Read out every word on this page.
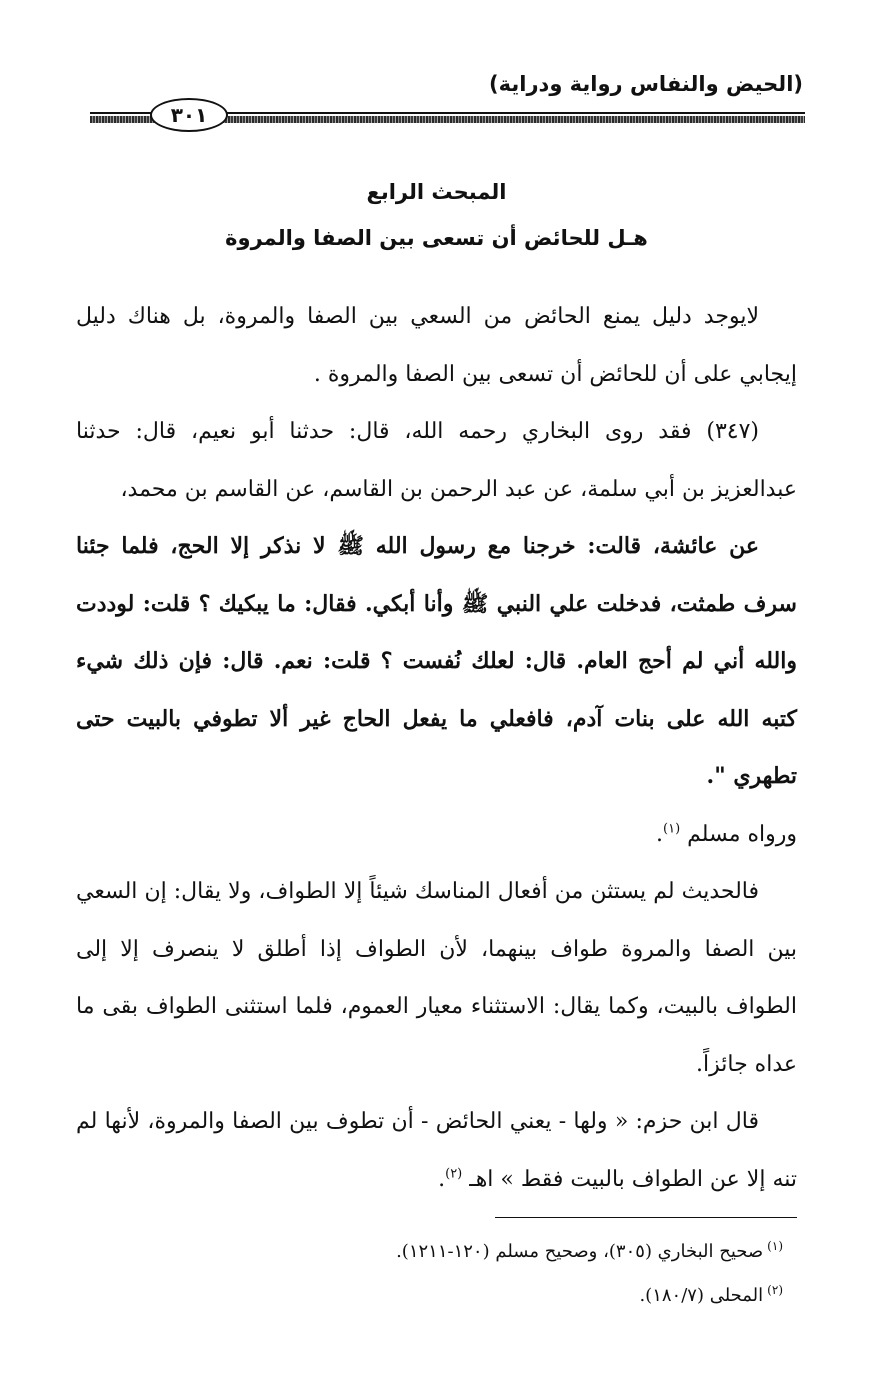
(الحيض والنفاس رواية ودراية)
٣٠١
المبحث الرابع
هـل للحائض أن تسعى بين الصفا والمروة

لايوجد دليل يمنع الحائض من السعي بين الصفا والمروة، بل هناك دليل إيجابي على أن للحائض أن تسعى بين الصفا والمروة .

(٣٤٧) فقد روى البخاري رحمه الله، قال: حدثنا أبو نعيم، قال: حدثنا عبدالعزيز بن أبي سلمة، عن عبد الرحمن بن القاسم، عن القاسم بن محمد،

عن عائشة، قالت: خرجنا مع رسول الله ﷺ لا نذكر إلا الحج، فلما جئنا سرف طمثت، فدخلت علي النبي ﷺ وأنا أبكي. فقال: ما يبكيك ؟ قلت: لوددت والله أني لم أحج العام. قال: لعلك نُفست ؟ قلت: نعم. قال: فإن ذلك شيء كتبه الله على بنات آدم، فافعلي ما يفعل الحاج غير ألا تطوفي بالبيت حتى تطهري ".

ورواه مسلم $^{(١)}$.

فالحديث لم يستثن من أفعال المناسك شيئاً إلا الطواف، ولا يقال: إن السعي بين الصفا والمروة طواف بينهما، لأن الطواف إذا أطلق لا ينصرف إلا إلى الطواف بالبيت، وكما يقال: الاستثناء معيار العموم، فلما استثنى الطواف بقى ما عداه جائزاً.

قال ابن حزم: « ولها - يعني الحائض - أن تطوف بين الصفا والمروة، لأنها لم تنه إلا عن الطواف بالبيت فقط » اهـ $^{(٢)}$.

$^{(١)}$صحيح البخاري (٣٠٥)، وصحيح مسلم (١٢٠-١٢١١).

$^{(٢)}$المحلى (١٨٠/٧).
